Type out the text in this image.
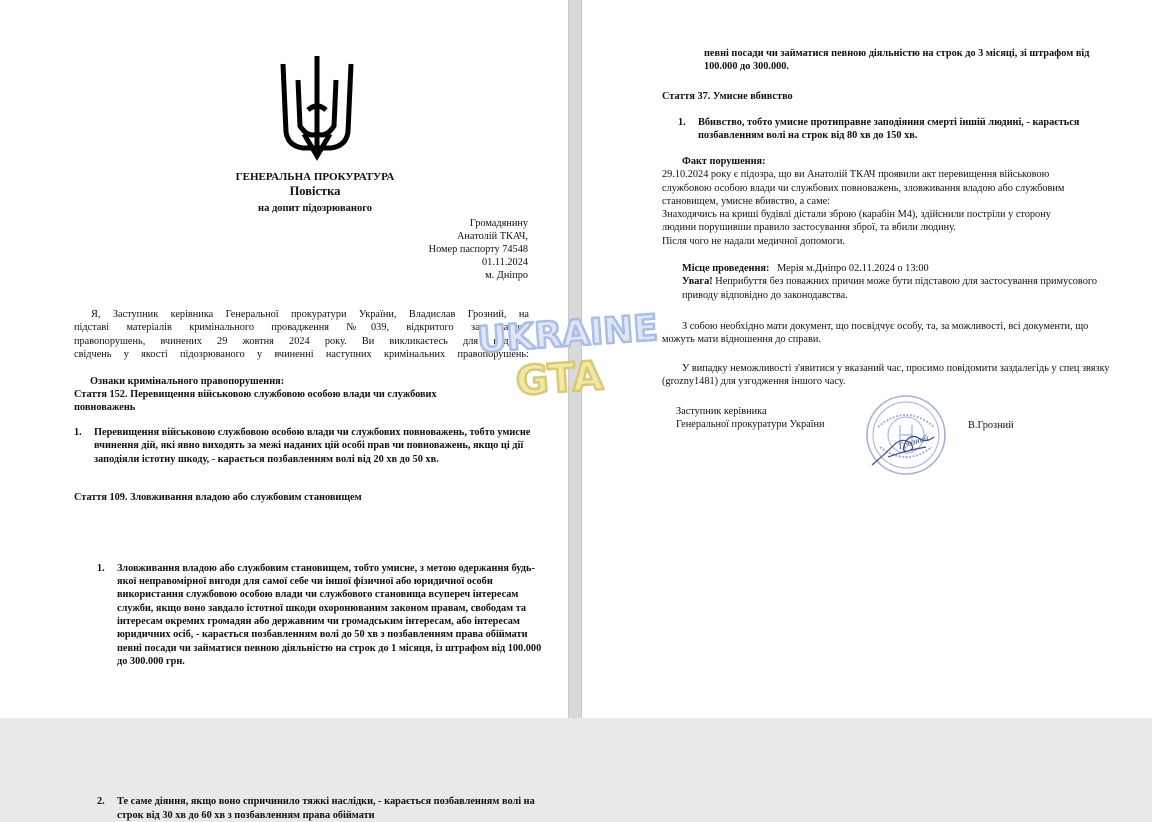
ГЕНЕРАЛЬНА ПРОКУРАТУРА
Повістка
на допит підозрюваного
Громадянину
Анатолій ТКАЧ,
Номер паспорту 74548
01.11.2024
м. Дніпро
Я, Заступник керівника Генеральної прокуратури України, Владислав Грозний, на
підставі матеріалів кримінального провадження №039, відкритого за фактом
правопорушень, вчинених 29 жовтня 2024 року. Ви викликаєтесь для надання
свідчень у якості підозрюваного у вчиненні наступних кримінальних правопорушень:
Ознаки кримінального правопорушення:
Стаття 152. Перевищення військовою службовою особою влади чи службових повноважень
1. Перевищення військовою службовою особою влади чи службових повноважень, тобто умисне вчинення дій, які явно виходять за межі наданих цій особі прав чи повноважень, якщо ці дії заподіяли істотну шкоду, - карається позбавленням волі від 20 хв до 50 хв.
Стаття 109. Зловживання владою або службовим становищем
1. Зловживання владою або службовим становищем, тобто умисне, з метою одержання будь-якої неправомірної вигоди для самої себе чи іншої фізичної або юридичної особи використання службовою особою влади чи службового становища всупереч інтересам служби, якщо воно завдало істотної шкоди охоронюваним законом правам, свободам та інтересам окремих громадян або державним чи громадським інтересам, або інтересам юридичних осіб, - карається позбавленням волі до 50 хв з позбавленням права обіймати певні посади чи займатися певною діяльністю на строк до 1 місяця, із штрафом від 100.000 до 300.000 грн.
2. Те саме діяння, якщо воно спричинило тяжкі наслідки, - карається позбавленням волі на строк від 30 хв до 60 хв з позбавленням права обіймати
певні посади чи займатися певною діяльністю на строк до 3 місяці, зі штрафом від 100.000 до 300.000.
Стаття 37. Умисне вбивство
1. Вбивство, тобто умисне протиправне заподіяння смерті іншій людині, - карається позбавленням волі на строк від 80 хв до 150 хв.
Факт порушення:
29.10.2024 року є підозра, що ви Анатолій ТКАЧ проявили акт перевищення військовою
службовою особою влади чи службових повноважень, зловживання владою або службовим
становищем, умисне вбивство, а саме:
Знаходячись на криші будівлі дістали зброю (карабін М4), здійснили постріли у сторону
людини порушивши правило застосування зброї, та вбили людину.
Після чого не надали медичної допомоги.
Місце проведення: Мерія м.Дніпро 02.11.2024 о 13:00
Увага! Неприбуття без поважних причин може бути підставою для застосування примусового приводу відповідно до законодавства.
З собою необхідно мати документ, що посвідчує особу, та, за можливості, всі документи, що можуть мати відношення до справи.
У випадку неможливості з'явитися у вказаний час, просимо повідомити заздалегідь у спец звязку (grozny1481) для узгодження іншого часу.
Заступник керівника
Генеральної прокуратури України	В.Грозний
Грозний
UKRAINE
GTA
